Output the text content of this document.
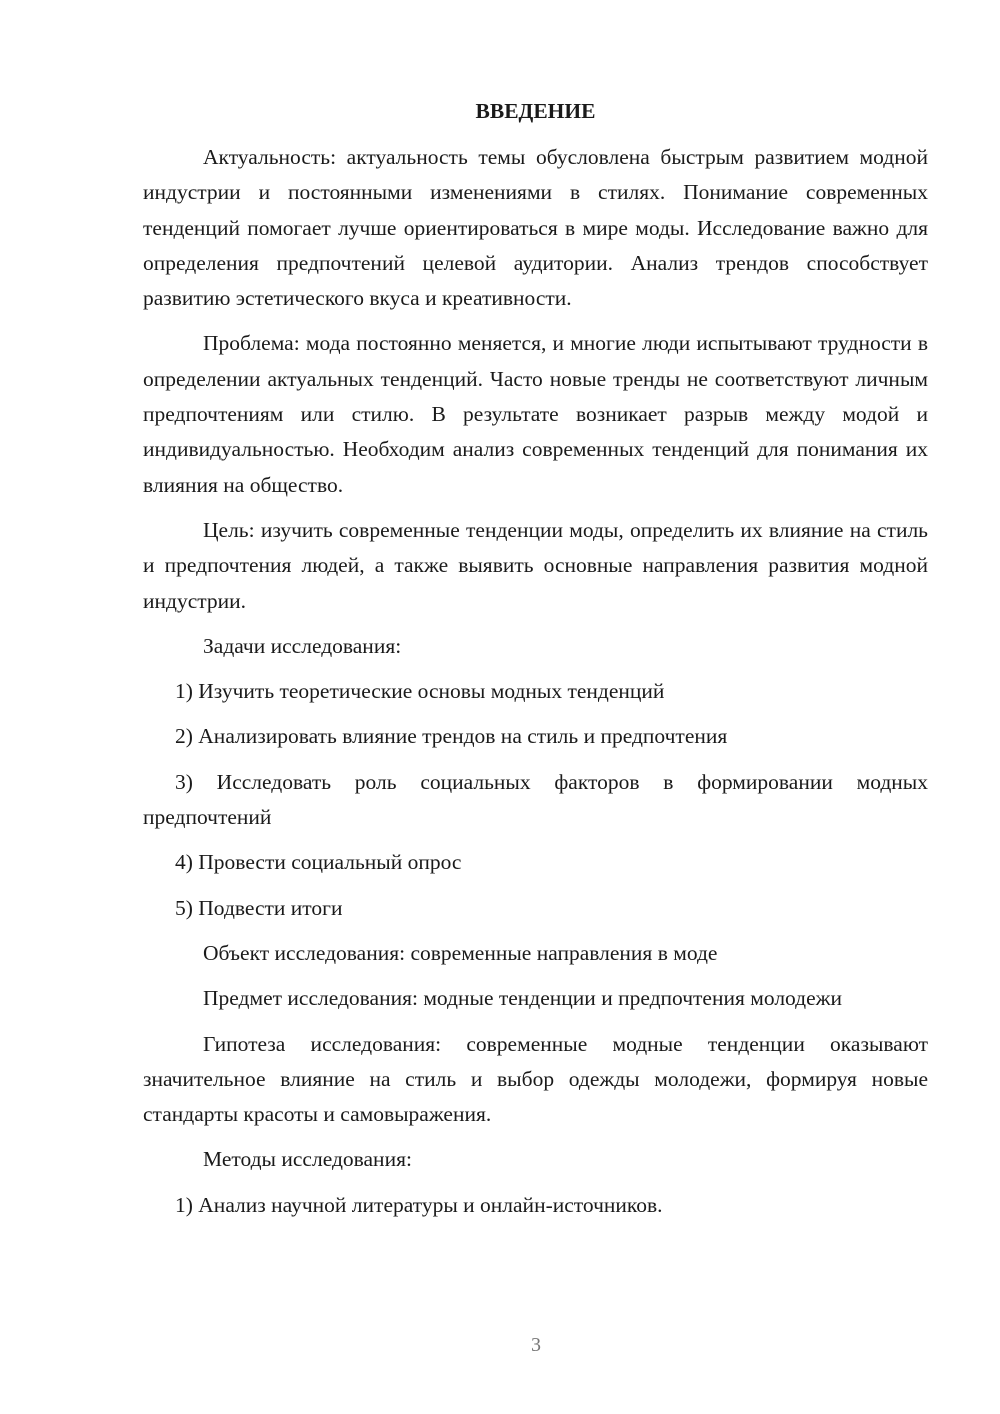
ВВЕДЕНИЕ

Актуальность: актуальность темы обусловлена быстрым развитием модной индустрии и постоянными изменениями в стилях. Понимание современных тенденций помогает лучше ориентироваться в мире моды. Исследование важно для определения предпочтений целевой аудитории. Анализ трендов способствует развитию эстетического вкуса и креативности.

Проблема: мода постоянно меняется, и многие люди испытывают трудности в определении актуальных тенденций. Часто новые тренды не соответствуют личным предпочтениям или стилю. В результате возникает разрыв между модой и индивидуальностью. Необходим анализ современных тенденций для понимания их влияния на общество.

Цель: изучить современные тенденции моды, определить их влияние на стиль и предпочтения людей, а также выявить основные направления развития модной индустрии.

Задачи исследования:

1) Изучить теоретические основы модных тенденций

2) Анализировать влияние трендов на стиль и предпочтения

3) Исследовать роль социальных факторов в формировании модных предпочтений

4) Провести социальный опрос

5) Подвести итоги

Объект исследования: современные направления в моде

Предмет исследования: модные тенденции и предпочтения молодежи

Гипотеза исследования: современные модные тенденции оказывают значительное влияние на стиль и выбор одежды молодежи, формируя новые стандарты красоты и самовыражения.

Методы исследования:

1) Анализ научной литературы и онлайн-источников.

3
